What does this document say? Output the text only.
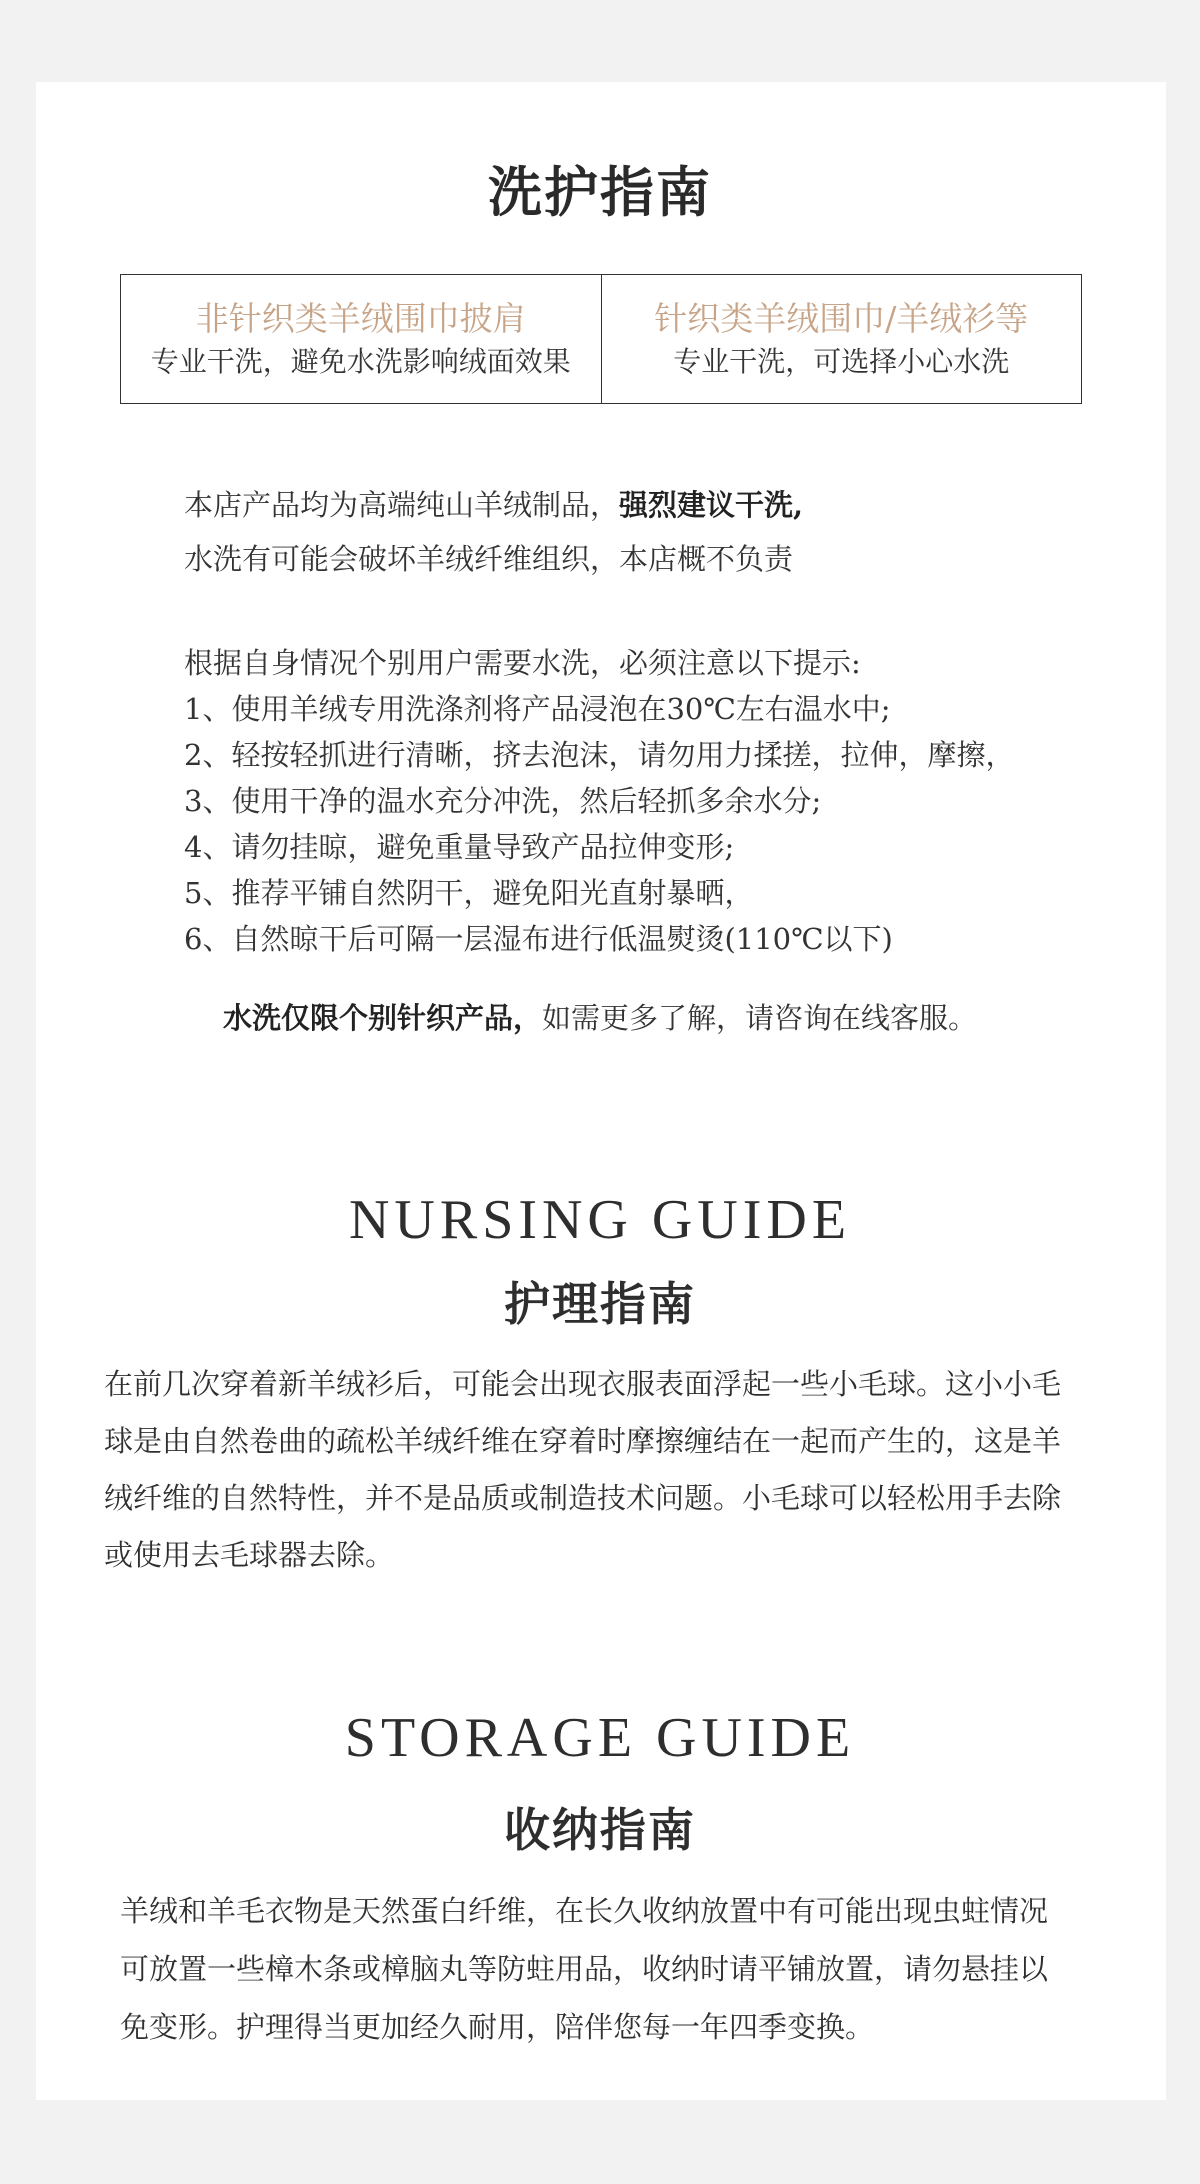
洗护指南
非针织类羊绒围巾披肩
专业干洗，避免水洗影响绒面效果
针织类羊绒围巾/羊绒衫等
专业干洗，可选择小心水洗
本店产品均为高端纯山羊绒制品，强烈建议干洗,
水洗有可能会破坏羊绒纤维组织，本店概不负责
根据自身情况个别用户需要水洗，必须注意以下提示:
1、使用羊绒专用洗涤剂将产品浸泡在30℃左右温水中;
2、轻按轻抓进行清晰，挤去泡沫，请勿用力揉搓，拉伸，摩擦，
3、使用干净的温水充分冲洗，然后轻抓多余水分;
4、请勿挂晾，避免重量导致产品拉伸变形;
5、推荐平铺自然阴干，避免阳光直射暴晒，
6、自然晾干后可隔一层湿布进行低温熨烫(110℃以下)
水洗仅限个别针织产品，如需更多了解，请咨询在线客服。
NURSING GUIDE
护理指南

在前几次穿着新羊绒衫后，可能会出现衣服表面浮起一些小毛球。这小小毛

球是由自然卷曲的疏松羊绒纤维在穿着时摩擦缠结在一起而产生的，这是羊

绒纤维的自然特性，并不是品质或制造技术问题。小毛球可以轻松用手去除

或使用去毛球器去除。

STORAGE GUIDE
收纳指南

羊绒和羊毛衣物是天然蛋白纤维，在长久收纳放置中有可能出现虫蛀情况

可放置一些樟木条或樟脑丸等防蛀用品，收纳时请平铺放置，请勿悬挂以

免变形。护理得当更加经久耐用，陪伴您每一年四季变换。
